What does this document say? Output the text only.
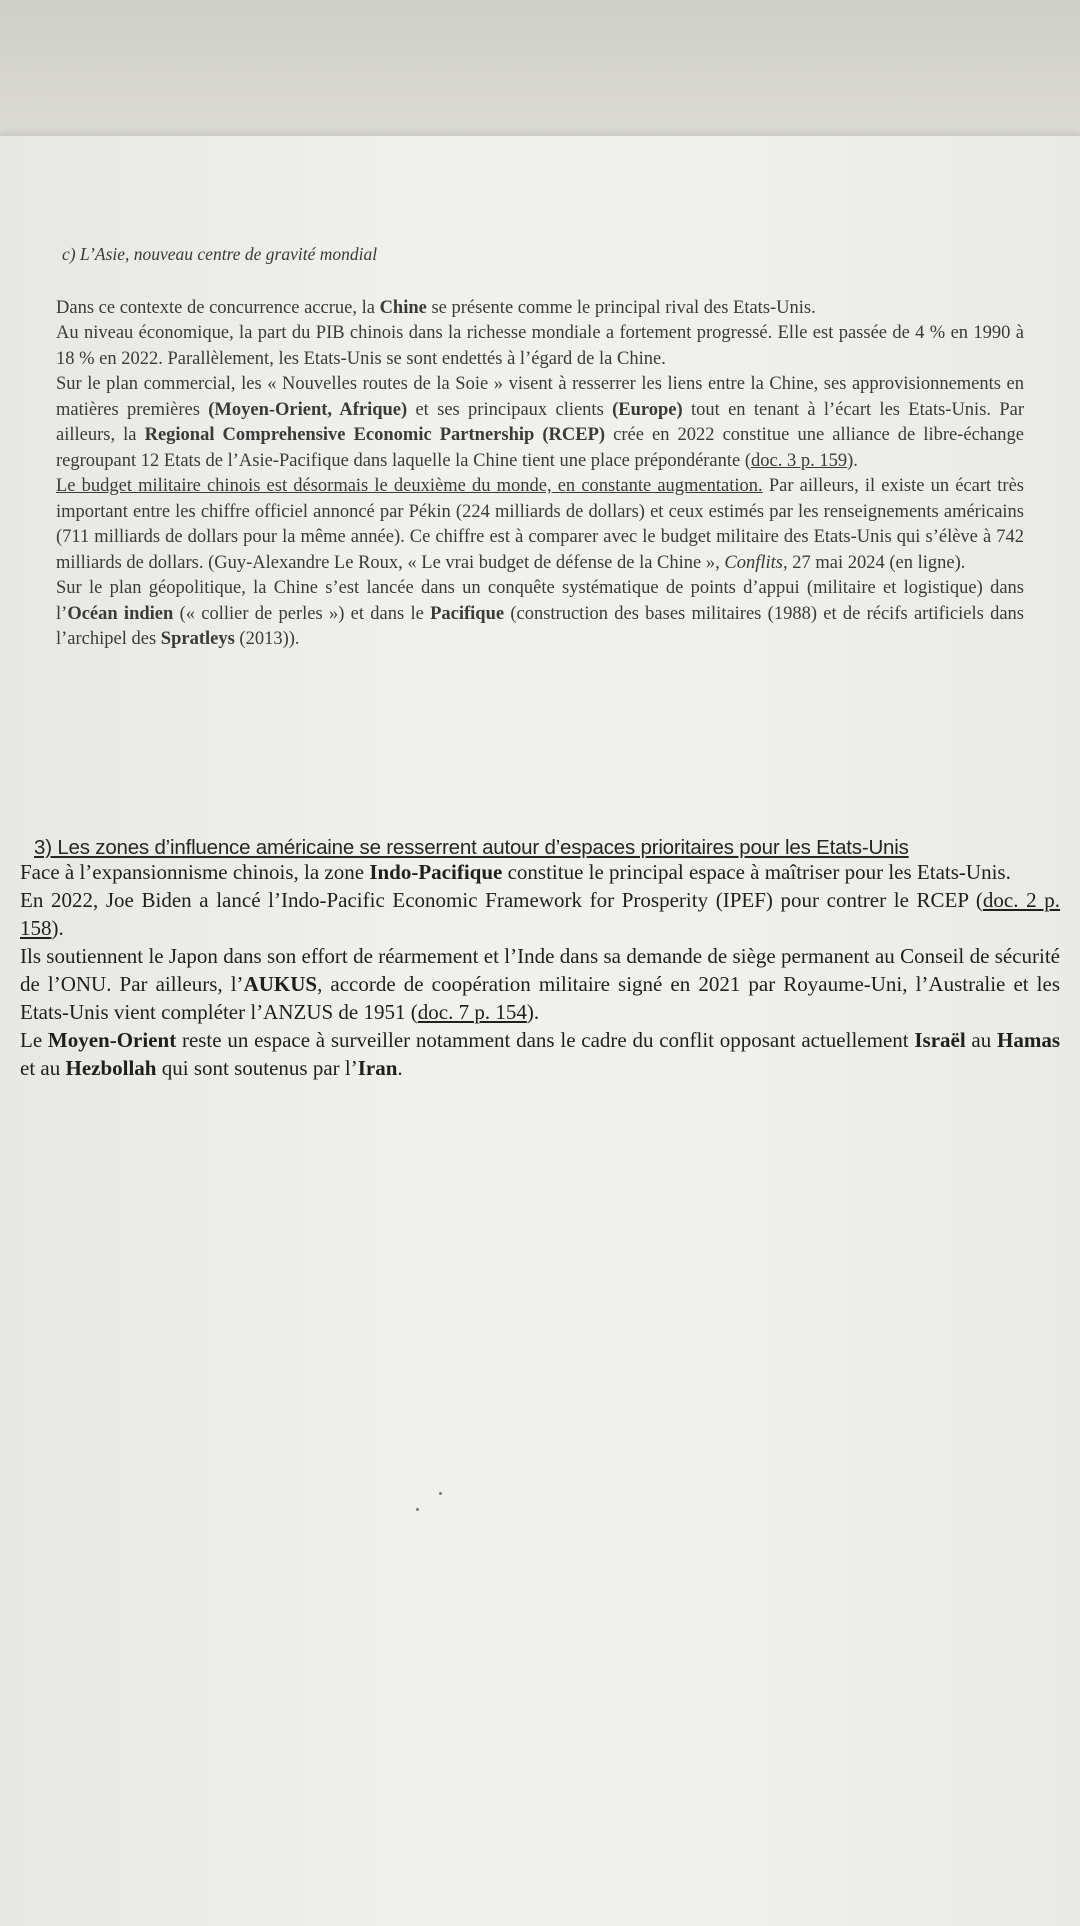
c) L’Asie, nouveau centre de gravité mondial

Dans ce contexte de concurrence accrue, la Chine se présente comme le principal rival des Etats-Unis.

Au niveau économique, la part du PIB chinois dans la richesse mondiale a fortement progressé. Elle est passée de 4 % en 1990 à 18 % en 2022. Parallèlement, les Etats-Unis se sont endettés à l’égard de la Chine.

Sur le plan commercial, les « Nouvelles routes de la Soie » visent à resserrer les liens entre la Chine, ses approvisionnements en matières premières (Moyen-Orient, Afrique) et ses principaux clients (Europe) tout en tenant à l’écart les Etats-Unis. Par ailleurs, la Regional Comprehensive Economic Partnership (RCEP) crée en 2022 constitue une alliance de libre-échange regroupant 12 Etats de l’Asie-Pacifique dans laquelle la Chine tient une place prépondérante (doc. 3 p. 159).

Le budget militaire chinois est désormais le deuxième du monde, en constante augmentation. Par ailleurs, il existe un écart très important entre les chiffre officiel annoncé par Pékin (224 milliards de dollars) et ceux estimés par les renseignements américains (711 milliards de dollars pour la même année). Ce chiffre est à comparer avec le budget militaire des Etats-Unis qui s’élève à 742 milliards de dollars. (Guy-Alexandre Le Roux, « Le vrai budget de défense de la Chine », Conflits, 27 mai 2024 (en ligne).

Sur le plan géopolitique, la Chine s’est lancée dans un conquête systématique de points d’appui (militaire et logistique) dans l’Océan indien (« collier de perles ») et dans le Pacifique (construction des bases militaires (1988) et de récifs artificiels dans l’archipel des Spratleys (2013)).

3) Les zones d’influence américaine se resserrent autour d’espaces prioritaires pour les Etats-Unis

Face à l’expansionnisme chinois, la zone Indo-Pacifique constitue le principal espace à maîtriser pour les Etats-Unis.

En 2022, Joe Biden a lancé l’Indo-Pacific Economic Framework for Prosperity (IPEF) pour contrer le RCEP (doc. 2 p. 158).

Ils soutiennent le Japon dans son effort de réarmement et l’Inde dans sa demande de siège permanent au Conseil de sécurité de l’ONU. Par ailleurs, l’AUKUS, accorde de coopération militaire signé en 2021 par Royaume-Uni, l’Australie et les Etats-Unis vient compléter l’ANZUS de 1951 (doc. 7 p. 154).

Le Moyen-Orient reste un espace à surveiller notamment dans le cadre du conflit opposant actuellement Israël au Hamas et au Hezbollah qui sont soutenus par l’Iran.
